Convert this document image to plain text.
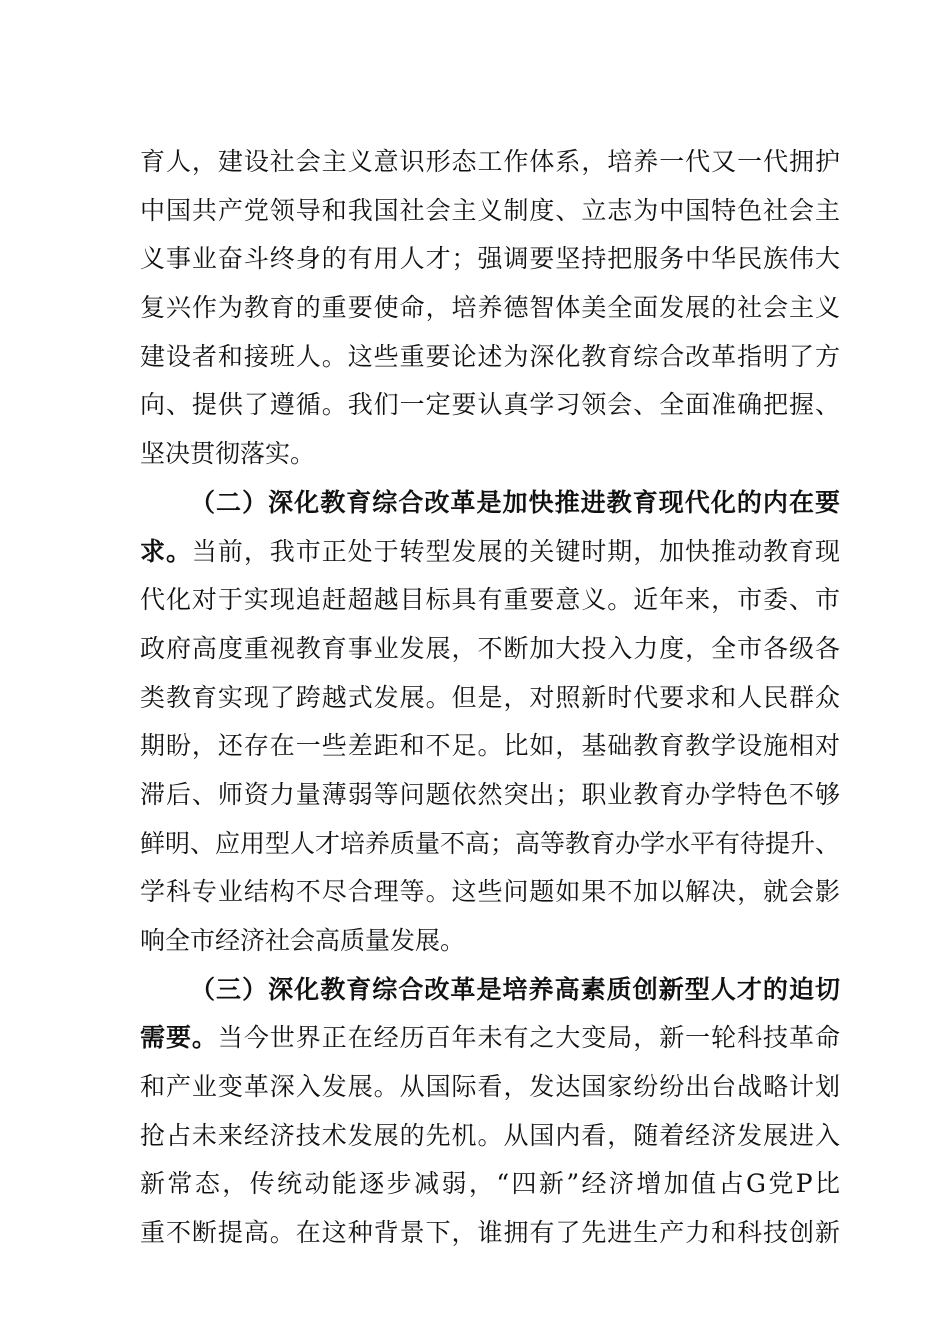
育人，建设社会主义意识形态工作体系，培养一代又一代拥护
中国共产党领导和我国社会主义制度、立志为中国特色社会主
义事业奋斗终身的有用人才；强调要坚持把服务中华民族伟大
复兴作为教育的重要使命，培养德智体美全面发展的社会主义
建设者和接班人。这些重要论述为深化教育综合改革指明了方
向、提供了遵循。我们一定要认真学习领会、全面准确把握、
坚决贯彻落实。
（二）深化教育综合改革是加快推进教育现代化的内在要
求。当前，我市正处于转型发展的关键时期，加快推动教育现
代化对于实现追赶超越目标具有重要意义。近年来，市委、市
政府高度重视教育事业发展，不断加大投入力度，全市各级各
类教育实现了跨越式发展。但是，对照新时代要求和人民群众
期盼，还存在一些差距和不足。比如，基础教育教学设施相对
滞后、师资力量薄弱等问题依然突出；职业教育办学特色不够
鲜明、应用型人才培养质量不高；高等教育办学水平有待提升、
学科专业结构不尽合理等。这些问题如果不加以解决，就会影
响全市经济社会高质量发展。
（三）深化教育综合改革是培养高素质创新型人才的迫切
需要。当今世界正在经历百年未有之大变局，新一轮科技革命
和产业变革深入发展。从国际看，发达国家纷纷出台战略计划
抢占未来经济技术发展的先机。从国内看，随着经济发展进入
新常态，传统动能逐步减弱，“四新”经济增加值占G党P比
重不断提高。在这种背景下，谁拥有了先进生产力和科技创新
